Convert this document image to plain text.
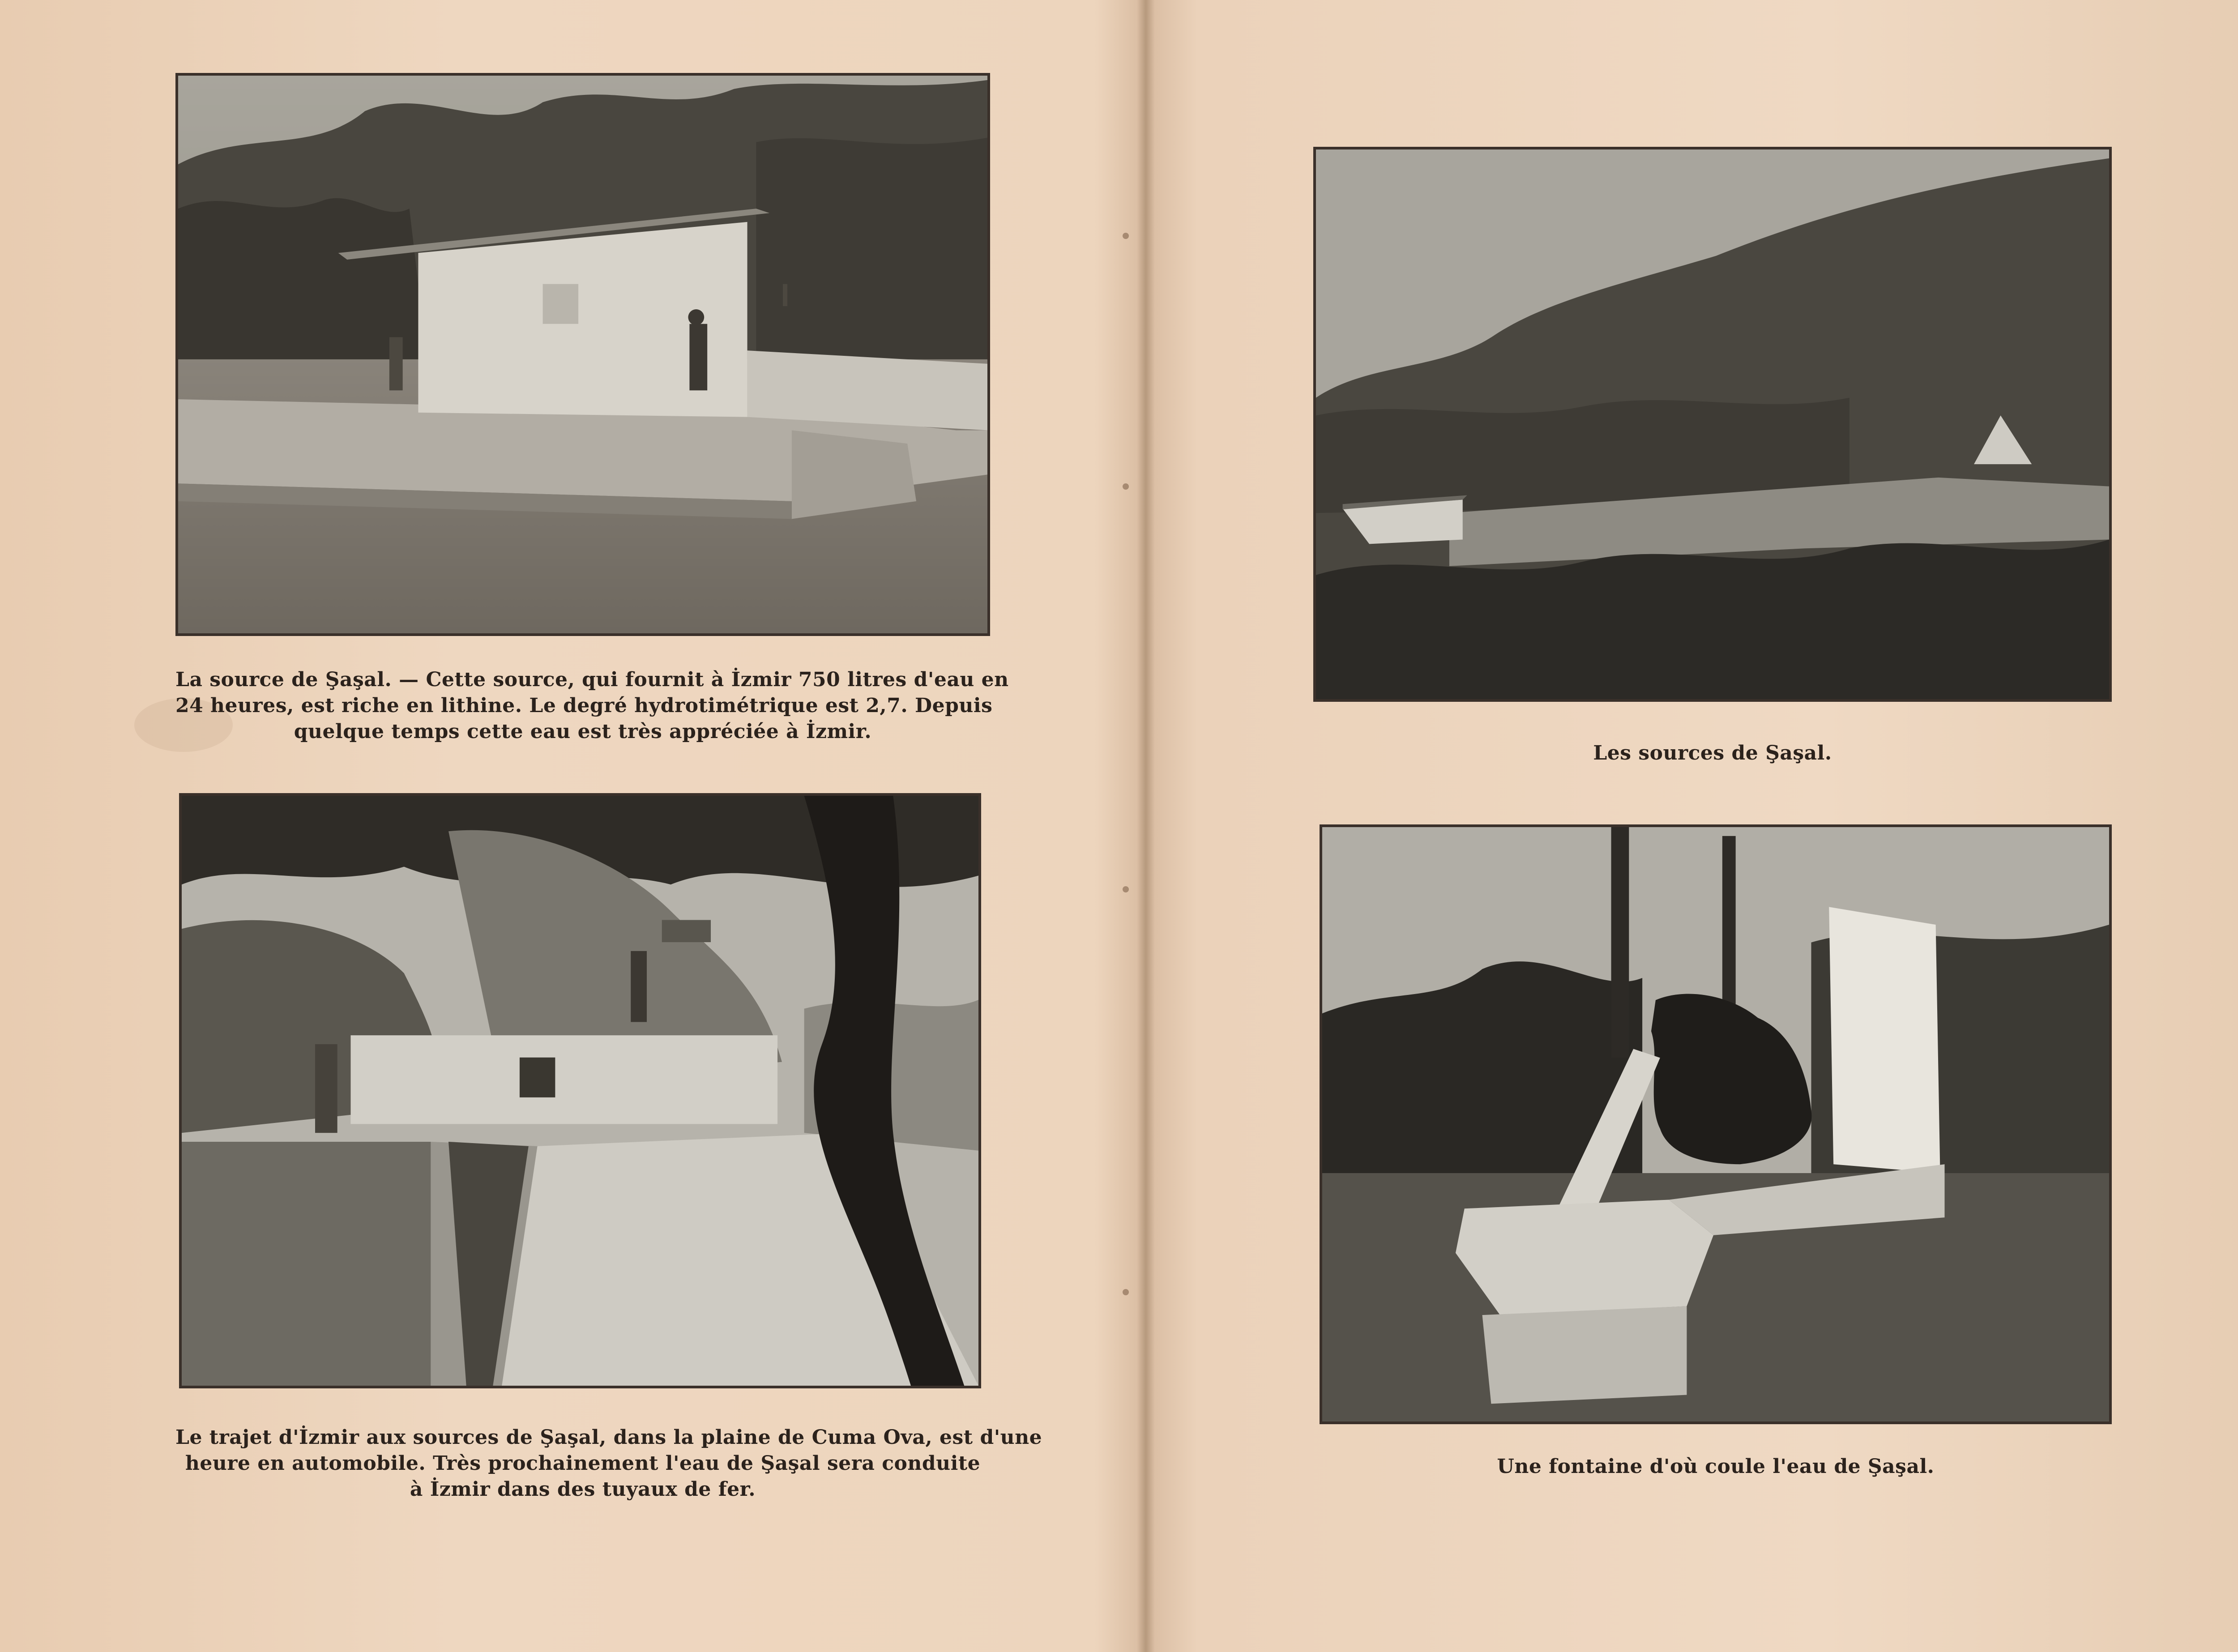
La source de Şaşal. — Cette source, qui fournit à İzmir 750 litres d'eau en
24 heures, est riche en lithine. Le degré hydrotimétrique est 2,7. Depuis
quelque temps cette eau est très appréciée à İzmir.
Le trajet d'İzmir aux sources de Şaşal, dans la plaine de Cuma Ova, est d'une
heure en automobile. Très prochainement l'eau de Şaşal sera conduite
à İzmir dans des tuyaux de fer.
Les sources de Şaşal.
Une fontaine d'où coule l'eau de Şaşal.
